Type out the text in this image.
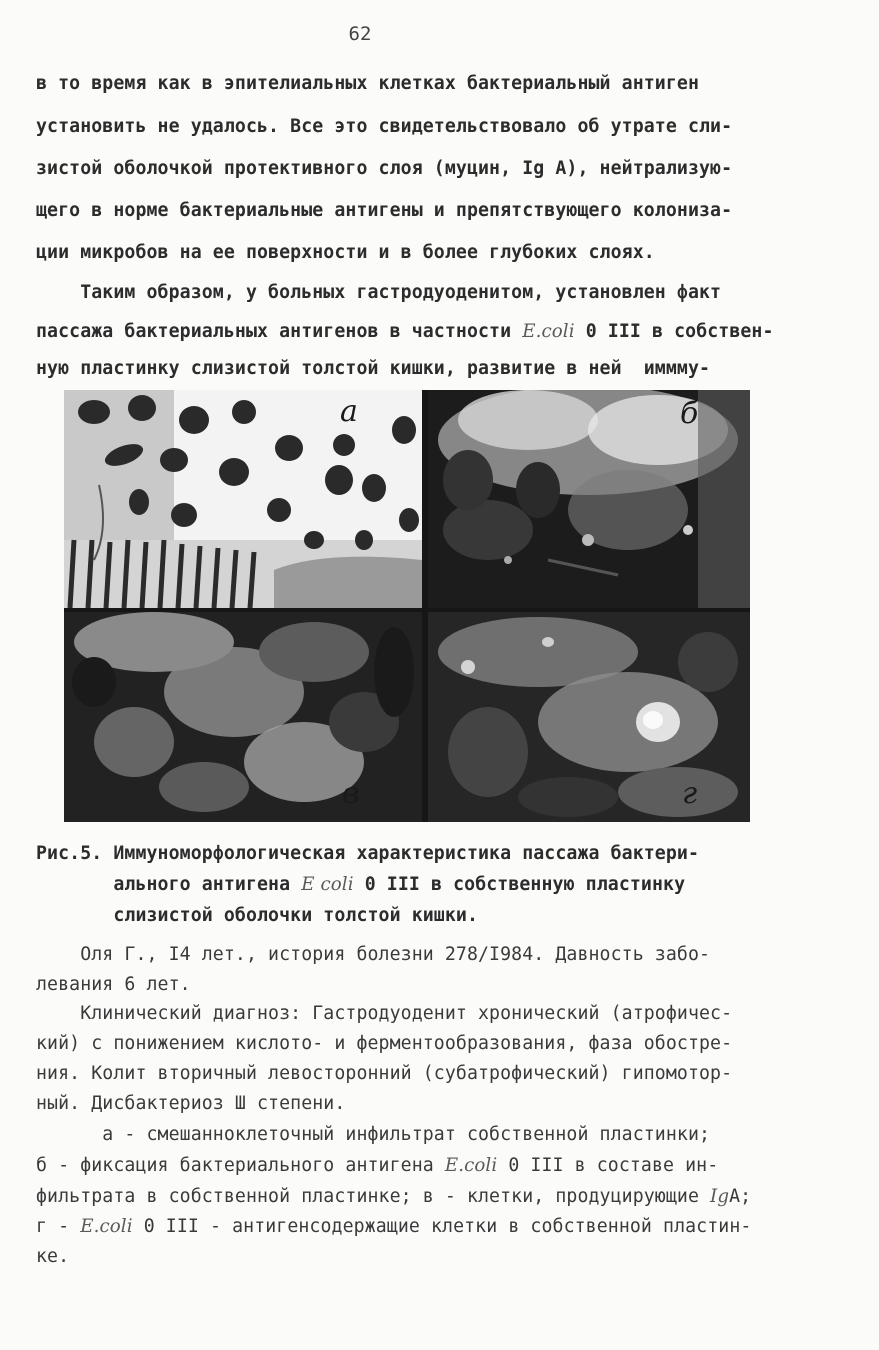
62
в то время как в эпителиальных клетках бактериальный антиген
установить не удалось. Все это свидетельствовало об утрате сли-
зистой оболочкой протективного слоя (муцин, Ig A), нейтрализую-
щего в норме бактериальные антигены и препятствующего колониза-
ции микробов на ее поверхности и в более глубоких слоях.
Таким образом, у больных гастродуоденитом, установлен факт
пассажа бактериальных антигенов в частности E.coli 0 III в собствен-
ную пластинку слизистой толстой кишки, развитие в ней  иммму-
а	б
в	г
Рис.5. Иммуноморфологическая характеристика пассажа бактери-
ального антигена E coli 0 III в собственную пластинку
слизистой оболочки толстой кишки.
Оля Г., I4 лет., история болезни 278/I984. Давность забо-
левания 6 лет.
Клинический диагноз: Гастродуоденит хронический (атрофичес-
кий) с понижением кислото- и ферментообразования, фаза обостре-
ния. Колит вторичный левосторонний (субатрофический) гипомотор-
ный. Дисбактериоз Ш степени.
а - смешанноклеточный инфильтрат собственной пластинки;
б - фиксация бактериального антигена E.coli 0 III в составе ин-
фильтрата в собственной пластинке; в - клетки, продуцирующие IgA;
г - E.coli 0 III - антигенсодержащие клетки в собственной пластин-
ке.
